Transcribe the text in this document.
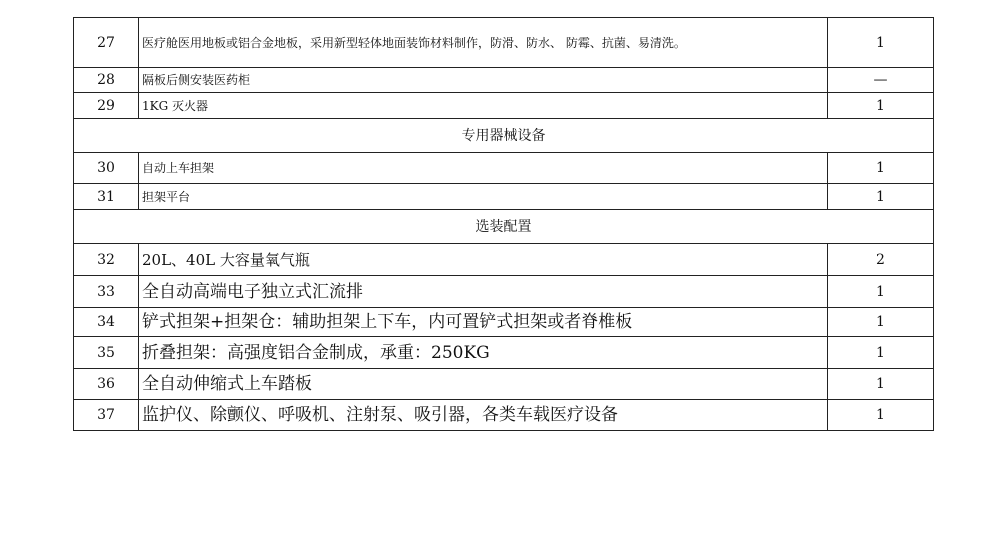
27	医疗舱医用地板或铝合金地板，采用新型轻体地面装饰材料制作，防滑、防水、 防霉、抗菌、易清洗。	1
28	隔板后侧安装医药柜	—
29	1KG 灭火器	1
专用器械设备		
30	自动上车担架	1
31	担架平台	1
选装配置		
32	20L、40L 大容量氧气瓶	2
33	全自动高端电子独立式汇流排	1
34	铲式担架+担架仓：辅助担架上下车，内可置铲式担架或者脊椎板	1
35	折叠担架：高强度铝合金制成，承重：250KG	1
36	全自动伸缩式上车踏板	1
37	监护仪、除颤仪、呼吸机、注射泵、吸引器，各类车载医疗设备	1
